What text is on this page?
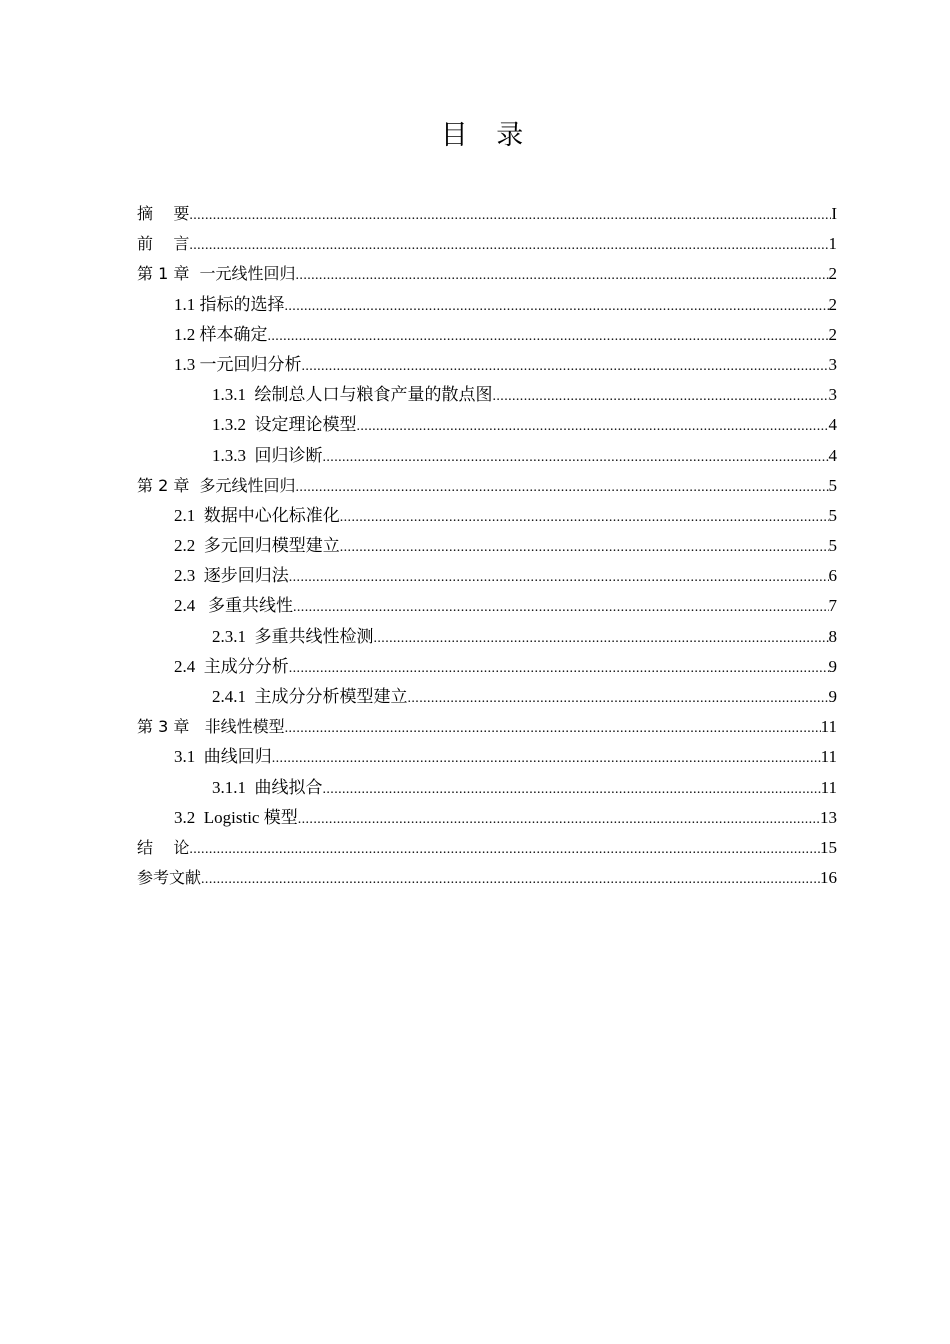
目 录
摘    要 .....	I
前    言 .....	1
第 1 章  一元线性回归 .....	2
1.1 指标的选择 .....	2
1.2 样本确定 .....	2
1.3 一元回归分析 .....	3
1.3.1  绘制总人口与粮食产量的散点图 .....	3
1.3.2  设定理论模型 .....	4
1.3.3  回归诊断 .....	4
第 2 章  多元线性回归 .....	5
2.1  数据中心化标准化 .....	5
2.2  多元回归模型建立 .....	5
2.3  逐步回归法 .....	6
2.4   多重共线性 .....	7
2.3.1  多重共线性检测 .....	8
2.4  主成分分析 .....	9
2.4.1  主成分分析模型建立 .....	9
第 3 章   非线性模型 .....	11
3.1  曲线回归 .....	11
3.1.1  曲线拟合 .....	11
3.2  Logistic 模型 .....	13
结    论 .....	15
参考文献 .....	16
